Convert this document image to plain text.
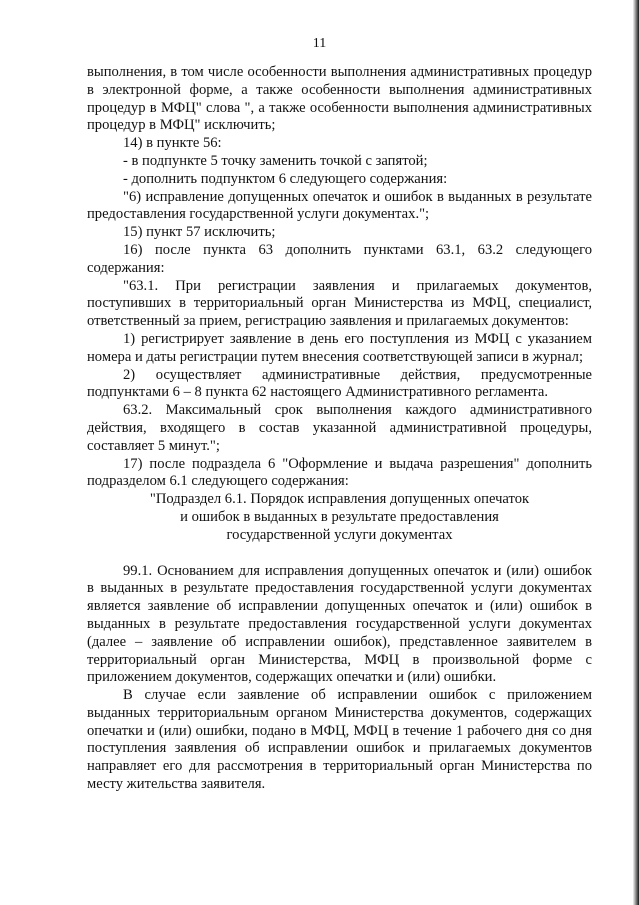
11

выполнения, в том числе особенности выполнения административных процедур в электронной форме, а также особенности выполнения административных процедур в МФЦ" слова ", а также особенности выполнения административных процедур в МФЦ" исключить;

14) в пункте 56:

- в подпункте 5 точку заменить точкой с запятой;

- дополнить подпунктом 6 следующего содержания:

"6) исправление допущенных опечаток и ошибок в выданных в результате предоставления государственной услуги документах.";

15) пункт 57 исключить;

16) после пункта 63 дополнить пунктами 63.1, 63.2 следующего содержания:

"63.1. При регистрации заявления и прилагаемых документов, поступивших в территориальный орган Министерства из МФЦ, специалист, ответственный за прием, регистрацию заявления и прилагаемых документов:

1) регистрирует заявление в день его поступления из МФЦ с указанием номера и даты регистрации путем внесения соответствующей записи в журнал;

2) осуществляет административные действия, предусмотренные подпунктами 6 – 8 пункта 62 настоящего Административного регламента.

63.2. Максимальный срок выполнения каждого административного действия, входящего в состав указанной административной процедуры, составляет 5 минут.";

17) после подраздела 6 "Оформление и выдача разрешения" дополнить подразделом 6.1 следующего содержания:

"Подраздел 6.1. Порядок исправления допущенных опечаток

и ошибок в выданных в результате предоставления

государственной услуги документах

99.1. Основанием для исправления допущенных опечаток и (или) ошибок в выданных в результате предоставления государственной услуги документах является заявление об исправлении допущенных опечаток и (или) ошибок в выданных в результате предоставления государственной услуги документах (далее – заявление об исправлении ошибок), представленное заявителем в территориальный орган Министерства, МФЦ в произвольной форме с приложением документов, содержащих опечатки и (или) ошибки.

В случае если заявление об исправлении ошибок с приложением выданных территориальным органом Министерства документов, содержащих опечатки и (или) ошибки, подано в МФЦ, МФЦ в течение 1 рабочего дня со дня поступления заявления об исправлении ошибок и прилагаемых документов направляет его для рассмотрения в территориальный орган Министерства по месту жительства заявителя.
